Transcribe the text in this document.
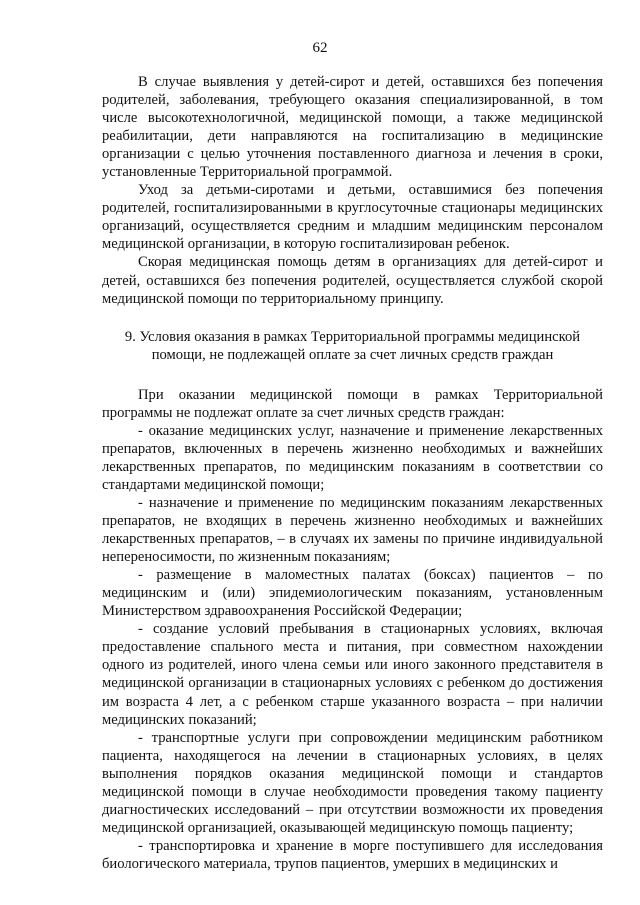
62

В случае выявления у детей-сирот и детей, оставшихся без попечения родителей, заболевания, требующего оказания специализированной, в том числе высокотехнологичной, медицинской помощи, а также медицинской реабилитации, дети направляются на госпитализацию в медицинские организации с целью уточнения поставленного диагноза и лечения в сроки, установленные Территориальной программой.

Уход за детьми-сиротами и детьми, оставшимися без попечения родителей, госпитализированными в круглосуточные стационары медицинских организаций, осуществляется средним и младшим медицинским персоналом медицинской организации, в которую госпитализирован ребенок.

Скорая медицинская помощь детям в организациях для детей-сирот и детей, оставшихся без попечения родителей, осуществляется службой скорой медицинской помощи по территориальному принципу.

9. Условия оказания в рамках Территориальной программы медицинской помощи, не подлежащей оплате за счет личных средств граждан

При оказании медицинской помощи в рамках Территориальной программы не подлежат оплате за счет личных средств граждан:

- оказание медицинских услуг, назначение и применение лекарственных препаратов, включенных в перечень жизненно необходимых и важнейших лекарственных препаратов, по медицинским показаниям в соответствии со стандартами медицинской помощи;

- назначение и применение по медицинским показаниям лекарственных препаратов, не входящих в перечень жизненно необходимых и важнейших лекарственных препаратов, – в случаях их замены по причине индивидуальной непереносимости, по жизненным показаниям;

- размещение в маломестных палатах (боксах) пациентов – по медицинским и (или) эпидемиологическим показаниям, установленным Министерством здравоохранения Российской Федерации;

- создание условий пребывания в стационарных условиях, включая предоставление спального места и питания, при совместном нахождении одного из родителей, иного члена семьи или иного законного представителя в медицинской организации в стационарных условиях с ребенком до достижения им возраста 4 лет, а с ребенком старше указанного возраста – при наличии медицинских показаний;

- транспортные услуги при сопровождении медицинским работником пациента, находящегося на лечении в стационарных условиях, в целях выполнения порядков оказания медицинской помощи и стандартов медицинской помощи в случае необходимости проведения такому пациенту диагностических исследований – при отсутствии возможности их проведения медицинской организацией, оказывающей медицинскую помощь пациенту;

- транспортировка и хранение в морге поступившего для исследования биологического материала, трупов пациентов, умерших в медицинских и
